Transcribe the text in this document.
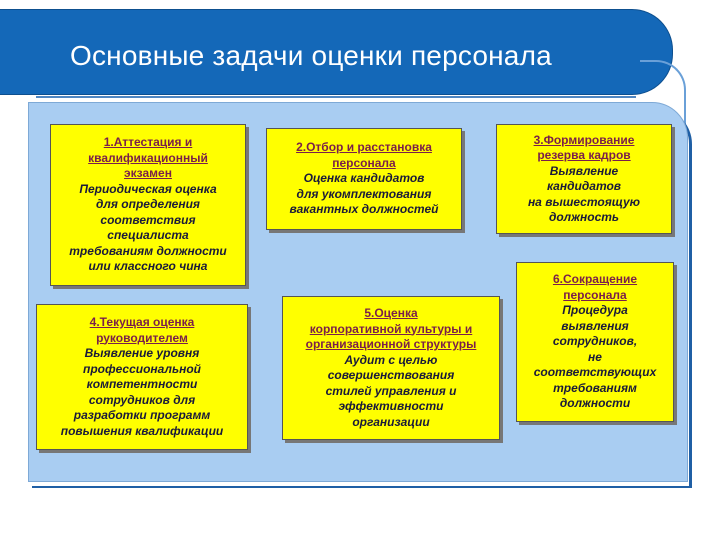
Основные задачи оценки персонала
1.Аттестация и
квалификационный
экзамен
Периодическая оценка
для определения
соответствия
специалиста
требованиям должности
или классного чина
2.Отбор и расстановка
персонала
Оценка кандидатов
для укомплектования
вакантных должностей
3.Формирование
резерва кадров
Выявление
кандидатов
на вышестоящую
должность
4.Текущая оценка
руководителем
Выявление уровня
профессиональной
компетентности
сотрудников для
разработки программ
повышения квалификации
5.Оценка
корпоративной культуры и
организационной структуры
Аудит с целью
совершенствования
стилей управления и
эффективности
организации
6.Сокращение
персонала
Процедура
выявления
сотрудников,
не
соответствующих
требованиям
должности
